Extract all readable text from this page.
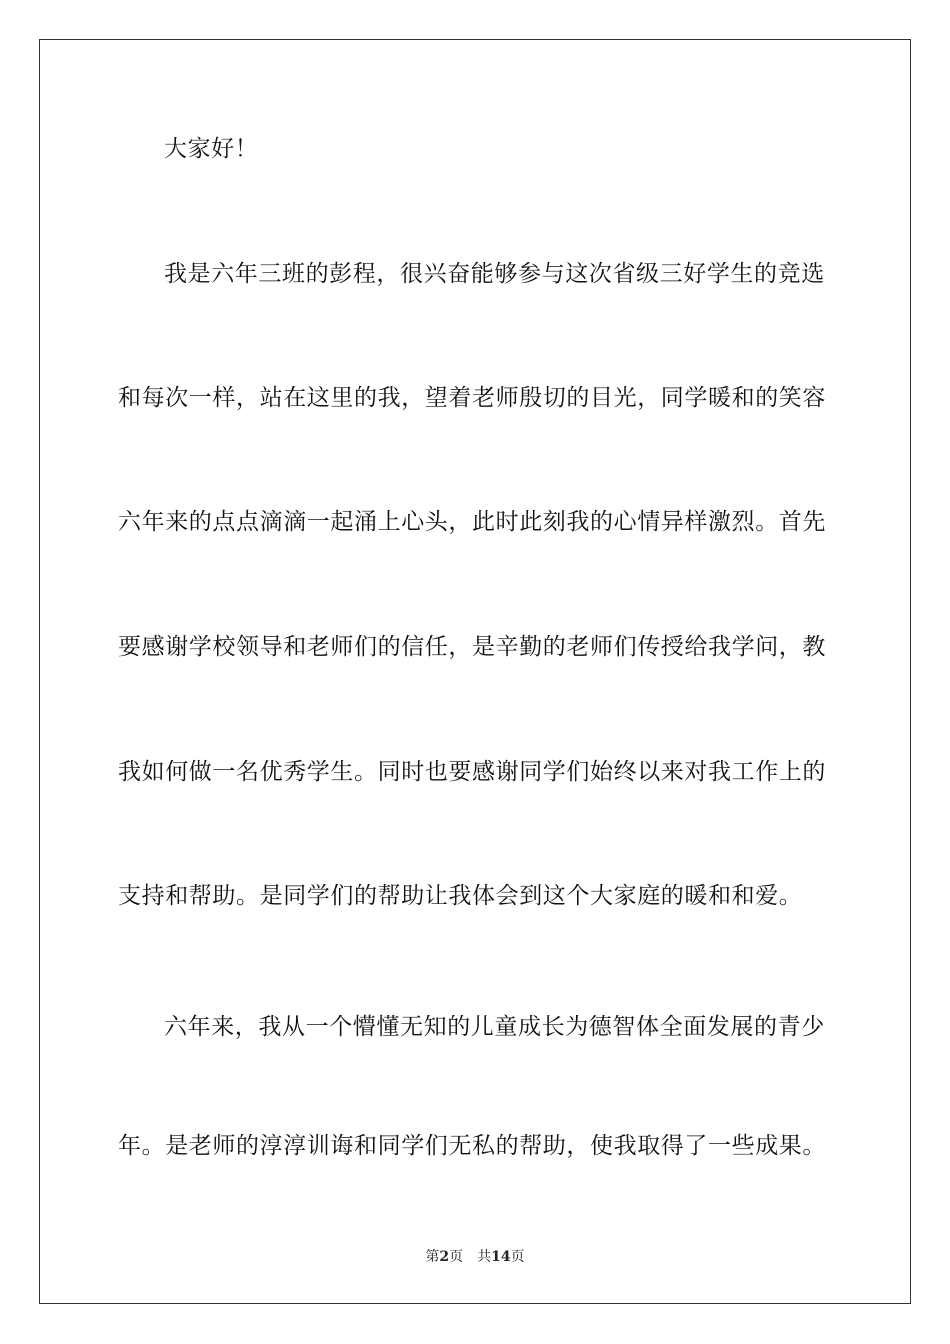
大家好！
我是六年三班的彭程，很兴奋能够参与这次省级三好学生的竞选
和每次一样，站在这里的我，望着老师殷切的目光，同学暖和的笑容
六年来的点点滴滴一起涌上心头，此时此刻我的心情异样激烈。首先
要感谢学校领导和老师们的信任，是辛勤的老师们传授给我学问，教
我如何做一名优秀学生。同时也要感谢同学们始终以来对我工作上的
支持和帮助。是同学们的帮助让我体会到这个大家庭的暖和和爱。
六年来，我从一个懵懂无知的儿童成长为德智体全面发展的青少
年。是老师的淳淳训诲和同学们无私的帮助，使我取得了一些成果。
第2页 共14页
